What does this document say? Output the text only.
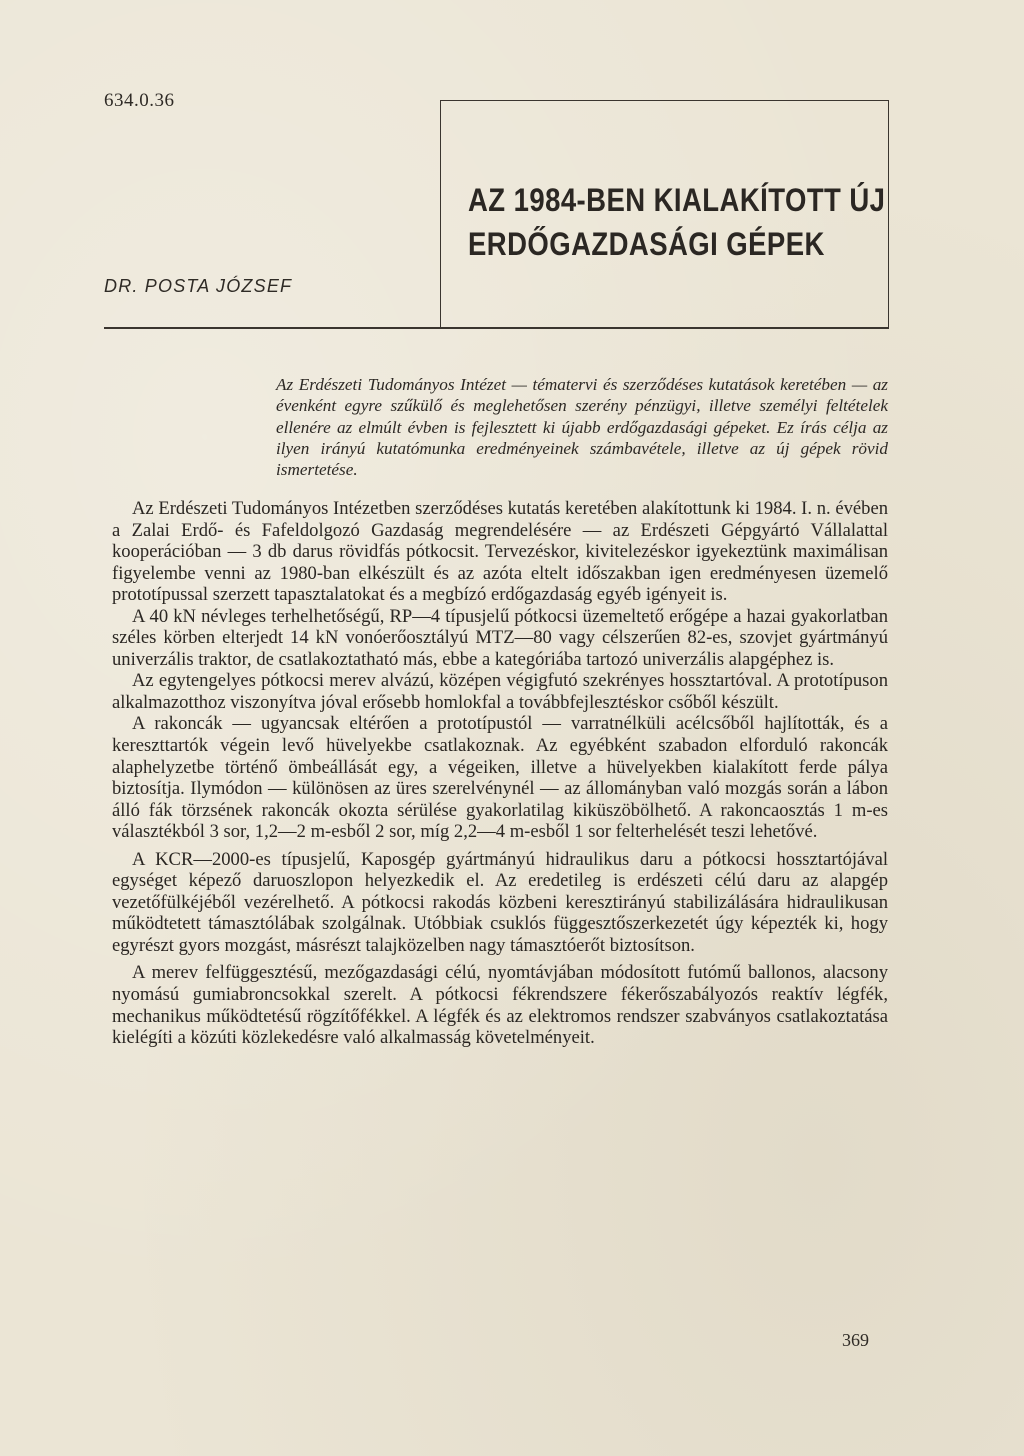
634.0.36
AZ 1984-BEN KIALAKÍTOTT ÚJ
ERDŐGAZDASÁGI GÉPEK
DR. POSTA JÓZSEF

Az Erdészeti Tudományos Intézet — tématervi és szerződéses kutatások keretében — az évenként egyre szűkülő és meglehetősen szerény pénzügyi, illetve személyi feltételek ellenére az elmúlt évben is fejlesztett ki újabb erdőgazdasági gépeket. Ez írás célja az ilyen irányú kutatómunka eredményeinek számbavétele, illetve az új gépek rövid ismertetése.

Az Erdészeti Tudományos Intézetben szerződéses kutatás keretében alakítottunk ki 1984. I. n. évében a Zalai Erdő- és Fafeldolgozó Gazdaság megrendelésére — az Erdészeti Gépgyártó Vállalattal kooperációban — 3 db darus rövidfás pótkocsit. Tervezéskor, kivitelezéskor igyekeztünk maximálisan figyelembe venni az 1980-ban elkészült és az azóta eltelt időszakban igen eredményesen üzemelő prototípussal szerzett tapasztalatokat és a megbízó erdőgazdaság egyéb igényeit is.

A 40 kN névleges terhelhetőségű, RP—4 típusjelű pótkocsi üzemeltető erőgépe a hazai gyakorlatban széles körben elterjedt 14 kN vonóerőosztályú MTZ—80 vagy célszerűen 82-es, szovjet gyártmányú univerzális traktor, de csatlakoztatható más, ebbe a kategóriába tartozó univerzális alapgéphez is.

Az egytengelyes pótkocsi merev alvázú, középen végigfutó szekrényes hossztartóval. A prototípuson alkalmazotthoz viszonyítva jóval erősebb homlokfal a továbbfejlesztéskor csőből készült.

A rakoncák — ugyancsak eltérően a prototípustól — varratnélküli acélcsőből hajlították, és a kereszttartók végein levő hüvelyekbe csatlakoznak. Az egyébként szabadon elforduló rakoncák alaphelyzetbe történő ömbeállását egy, a végeiken, illetve a hüvelyekben kialakított ferde pálya biztosítja. Ilymódon — különösen az üres szerelvénynél — az állományban való mozgás során a lábon álló fák törzsének rakoncák okozta sérülése gyakorlatilag kiküszöbölhető. A rakoncaosztás 1 m-es választékból 3 sor, 1,2—2 m-esből 2 sor, míg 2,2—4 m-esből 1 sor felterhelését teszi lehetővé.

A KCR—2000-es típusjelű, Kaposgép gyártmányú hidraulikus daru a pótkocsi hossztartójával egységet képező daruoszlopon helyezkedik el. Az eredetileg is erdészeti célú daru az alapgép vezetőfülkéjéből vezérelhető. A pótkocsi rakodás közbeni keresztirányú stabilizálására hidraulikusan működtetett támasztólábak szolgálnak. Utóbbiak csuklós függesztőszerkezetét úgy képezték ki, hogy egyrészt gyors mozgást, másrészt talajközelben nagy támasztóerőt biztosítson.

A merev felfüggesztésű, mezőgazdasági célú, nyomtávjában módosított futómű ballonos, alacsony nyomású gumiabroncsokkal szerelt. A pótkocsi fékrendszere fékerőszabályozós reaktív légfék, mechanikus működtetésű rögzítőfékkel. A légfék és az elektromos rendszer szabványos csatlakoztatása kielégíti a közúti közlekedésre való alkalmasság követelményeit.

369
